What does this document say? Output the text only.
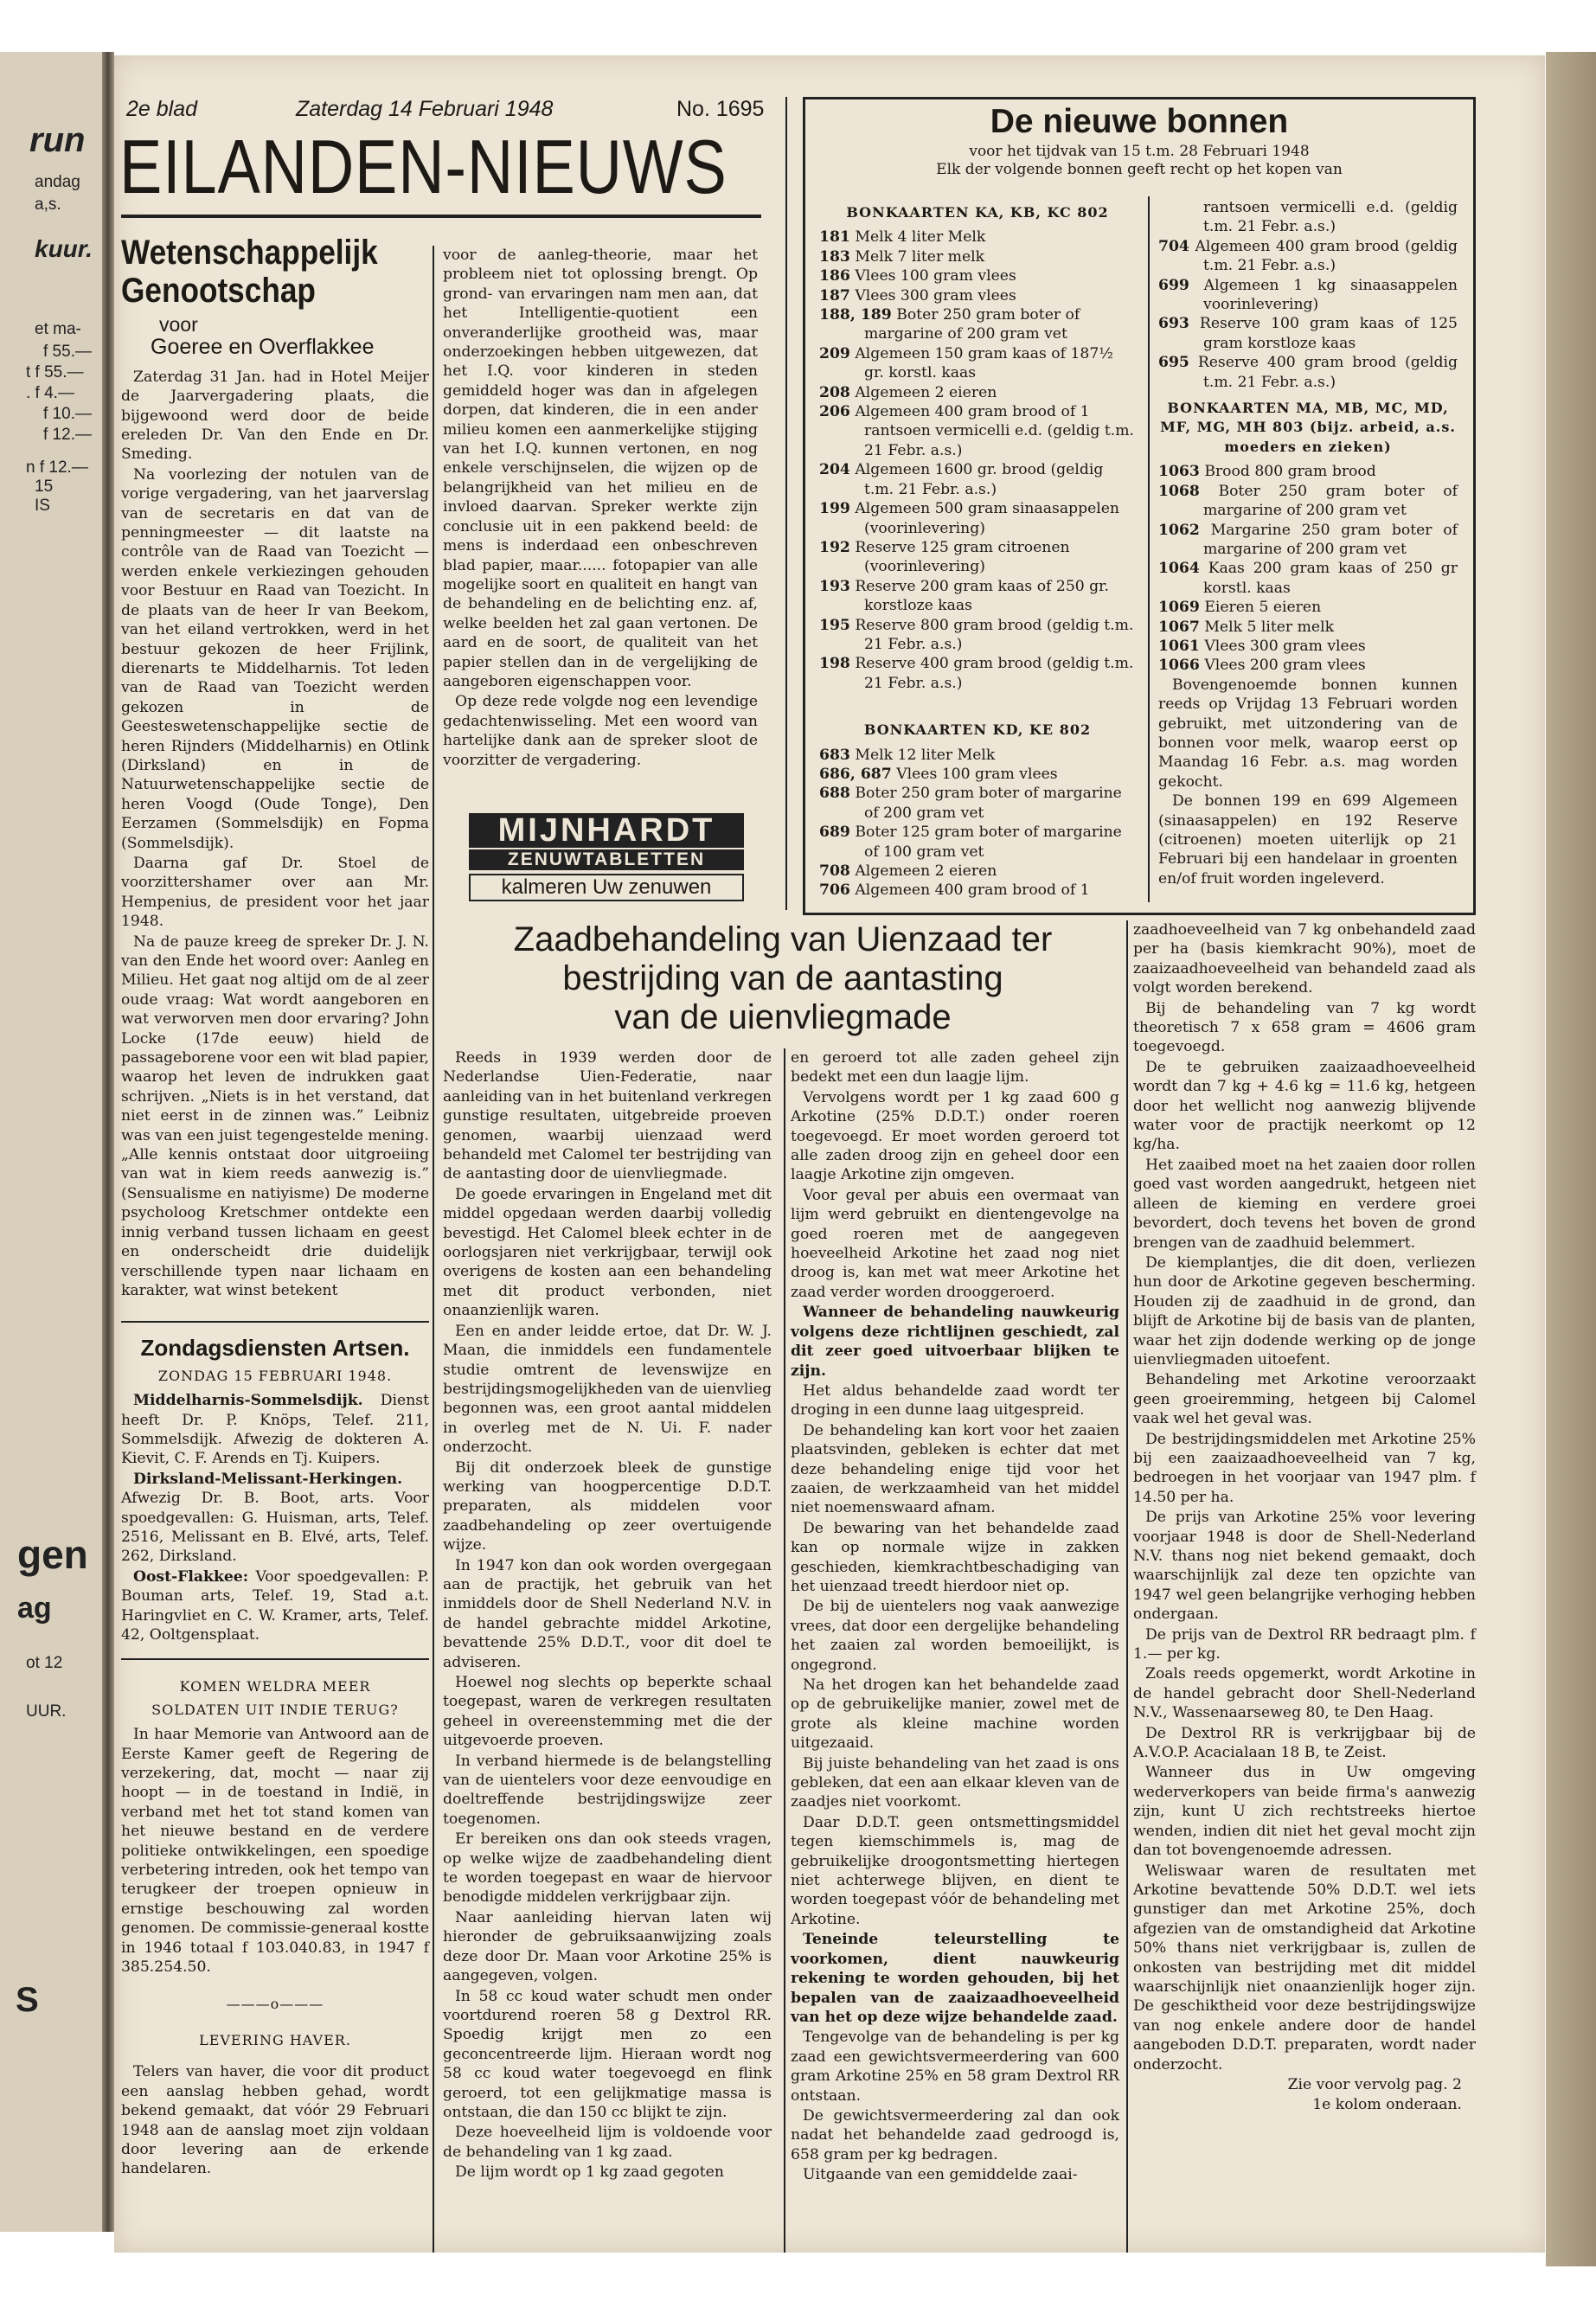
run
andag
a,s.
kuur.
et ma-
f 55.—
t f 55.—
. f 4.—
f 10.—
f 12.—
n f 12.—
15
IS
gen
ag
ot 12
UUR.
S
2e blad	Zaterdag 14 Februari 1948	No. 1695
EILANDEN-NIEUWS
Wetenschappelijk
Genootschap
voor
Goeree en Overflakkee

Zaterdag 31 Jan. had in Hotel Meijer de Jaarvergadering plaats, die bijgewoond werd door de beide ereleden Dr. Van den Ende en Dr. Smeding.

Na voorlezing der notulen van de vorige vergadering, van het jaarverslag van de secretaris en dat van de penningmeester — dit laatste na contrôle van de Raad van Toezicht — werden enkele verkiezingen gehouden voor Bestuur en Raad van Toezicht. In de plaats van de heer Ir van Beekom, van het eiland vertrokken, werd in het bestuur gekozen de heer Frijlink, dierenarts te Middelharnis. Tot leden van de Raad van Toezicht werden gekozen in de Geesteswetenschappelijke sectie de heren Rijnders (Middelharnis) en Otlink (Dirksland) en in de Natuurwetenschappelijke sectie de heren Voogd (Oude Tonge), Den Eerzamen (Sommelsdijk) en Fopma (Sommelsdijk).

Daarna gaf Dr. Stoel de voorzittershamer over aan Mr. Hempenius, de president voor het jaar 1948.

Na de pauze kreeg de spreker Dr. J. N. van den Ende het woord over: Aanleg en Milieu. Het gaat nog altijd om de al zeer oude vraag: Wat wordt aangeboren en wat verworven men door ervaring? John Locke (17de eeuw) hield de passageborene voor een wit blad papier, waarop het leven de indrukken gaat schrijven. „Niets is in het verstand, dat niet eerst in de zinnen was.” Leibniz was van een juist tegengestelde mening. „Alle kennis ontstaat door uitgroeiing van wat in kiem reeds aanwezig is.” (Sensualisme en natiyisme) De moderne psycholoog Kretschmer ontdekte een innig verband tussen lichaam en geest en onderscheidt drie duidelijk verschillende typen naar lichaam en karakter, wat winst betekent

Zondagsdiensten Artsen.

ZONDAG 15 FEBRUARI 1948.

Middelharnis-Sommelsdijk. Dienst heeft Dr. P. Knöps, Telef. 211, Sommelsdijk. Afwezig de dokteren A. Kievit, C. F. Arends en Tj. Kuipers.

Dirksland-Melissant-Herkingen. Afwezig Dr. B. Boot, arts. Voor spoedgevallen: G. Huisman, arts, Telef. 2516, Melissant en B. Elvé, arts, Telef. 262, Dirksland.

Oost-Flakkee: Voor spoedgevallen: P. Bouman arts, Telef. 19, Stad a.t. Haringvliet en C. W. Kramer, arts, Telef. 42, Ooltgensplaat.

KOMEN WELDRA MEER

SOLDATEN UIT INDIE TERUG?

In haar Memorie van Antwoord aan de Eerste Kamer geeft de Regering de verzekering, dat, mocht — naar zij hoopt — in de toestand in Indië, in verband met het tot stand komen van het nieuwe bestand en de verdere politieke ontwikkelingen, een spoedige verbetering intreden, ook het tempo van terugkeer der troepen opnieuw in ernstige beschouwing zal worden genomen. De commissie-generaal kostte in 1946 totaal f 103.040.83, in 1947 f 385.254.50.

———o———

LEVERING HAVER.

Telers van haver, die voor dit product een aanslag hebben gehad, wordt bekend gemaakt, dat vóór 29 Februari 1948 aan de aanslag moet zijn voldaan door levering aan de erkende handelaren.

voor de aanleg-theorie, maar het probleem niet tot oplossing brengt. Op grond- van ervaringen nam men aan, dat het Intelligentie-quotient een onveranderlijke grootheid was, maar onderzoekingen hebben uitgewezen, dat het I.Q. voor kinderen in steden gemiddeld hoger was dan in afgelegen dorpen, dat kinderen, die in een ander milieu komen een aanmerkelijke stijging van het I.Q. kunnen vertonen, en nog enkele verschijnselen, die wijzen op de belangrijkheid van het milieu en de invloed daarvan. Spreker werkte zijn conclusie uit in een pakkend beeld: de mens is inderdaad een onbeschreven blad papier, maar...... fotopapier van alle mogelijke soort en qualiteit en hangt van de behandeling en de belichting enz. af, welke beelden het zal gaan vertonen. De aard en de soort, de qualiteit van het papier stellen dan in de vergelijking de aangeboren eigenschappen voor.

Op deze rede volgde nog een levendige gedachtenwisseling. Met een woord van hartelijke dank aan de spreker sloot de voorzitter de vergadering.

MIJNHARDT
ZENUWTABLETTEN
kalmeren Uw zenuwen
De nieuwe bonnen
voor het tijdvak van 15 t.m. 28 Februari 1948
Elk der volgende bonnen geeft recht op het kopen van
BONKAARTEN KA, KB, KC 802
181 Melk 4 liter Melk
183 Melk 7 liter melk
186 Vlees 100 gram vlees
187 Vlees 300 gram vlees
188, 189 Boter 250 gram boter of margarine of 200 gram vet
209 Algemeen 150 gram kaas of 187½ gr. korstl. kaas
208 Algemeen 2 eieren
206 Algemeen 400 gram brood of 1 rantsoen vermicelli e.d. (geldig t.m. 21 Febr. a.s.)
204 Algemeen 1600 gr. brood (geldig t.m. 21 Febr. a.s.)
199 Algemeen 500 gram sinaasappelen (voorinlevering)
192 Reserve 125 gram citroenen (voorinlevering)
193 Reserve 200 gram kaas of 250 gr. korstloze kaas
195 Reserve 800 gram brood (geldig t.m. 21 Febr. a.s.)
198 Reserve 400 gram brood (geldig t.m. 21 Febr. a.s.)
BONKAARTEN KD, KE 802
683 Melk 12 liter Melk
686, 687 Vlees 100 gram vlees
688 Boter 250 gram boter of margarine of 200 gram vet
689 Boter 125 gram boter of margarine of 100 gram vet
708 Algemeen 2 eieren
706 Algemeen 400 gram brood of 1
rantsoen vermicelli e.d. (geldig t.m. 21 Febr. a.s.)
704 Algemeen 400 gram brood (geldig t.m. 21 Febr. a.s.)
699 Algemeen 1 kg sinaasappelen voorinlevering)
693 Reserve 100 gram kaas of 125 gram korstloze kaas
695 Reserve 400 gram brood (geldig t.m. 21 Febr. a.s.)
BONKAARTEN MA, MB, MC, MD, MF, MG, MH 803 (bijz. arbeid, a.s. moeders en zieken)
1063 Brood 800 gram brood
1068 Boter 250 gram boter of margarine of 200 gram vet
1062 Margarine 250 gram boter of margarine of 200 gram vet
1064 Kaas 200 gram kaas of 250 gr korstl. kaas
1069 Eieren 5 eieren
1067 Melk 5 liter melk
1061 Vlees 300 gram vlees
1066 Vlees 200 gram vlees
Bovengenoemde bonnen kunnen reeds op Vrijdag 13 Februari worden gebruikt, met uitzondering van de bonnen voor melk, waarop eerst op Maandag 16 Febr. a.s. mag worden gekocht.
De bonnen 199 en 699 Algemeen (sinaasappelen) en 192 Reserve (citroenen) moeten uiterlijk op 21 Februari bij een handelaar in groenten en/of fruit worden ingeleverd.
Zaadbehandeling van Uienzaad ter
bestrijding van de aantasting
van de uienvliegmade

Reeds in 1939 werden door de Nederlandse Uien-Federatie, naar aanleiding van in het buitenland verkregen gunstige resultaten, uitgebreide proeven genomen, waarbij uienzaad werd behandeld met Calomel ter bestrijding van de aantasting door de uienvliegmade.

De goede ervaringen in Engeland met dit middel opgedaan werden daarbij volledig bevestigd. Het Calomel bleek echter in de oorlogsjaren niet verkrijgbaar, terwijl ook overigens de kosten aan een behandeling met dit product verbonden, niet onaanzienlijk waren.

Een en ander leidde ertoe, dat Dr. W. J. Maan, die inmiddels een fundamentele studie omtrent de levenswijze en bestrijdingsmogelijkheden van de uienvlieg begonnen was, een groot aantal middelen in overleg met de N. Ui. F. nader onderzocht.

Bij dit onderzoek bleek de gunstige werking van hoogpercentige D.D.T. preparaten, als middelen voor zaadbehandeling op zeer overtuigende wijze.

In 1947 kon dan ook worden overgegaan aan de practijk, het gebruik van het inmiddels door de Shell Nederland N.V. in de handel gebrachte middel Arkotine, bevattende 25% D.D.T., voor dit doel te adviseren.

Hoewel nog slechts op beperkte schaal toegepast, waren de verkregen resultaten geheel in overeenstemming met die der uitgevoerde proeven.

In verband hiermede is de belangstelling van de uientelers voor deze eenvoudige en doeltreffende bestrijdingswijze zeer toegenomen.

Er bereiken ons dan ook steeds vragen, op welke wijze de zaadbehandeling dient te worden toegepast en waar de hiervoor benodigde middelen verkrijgbaar zijn.

Naar aanleiding hiervan laten wij hieronder de gebruiksaanwijzing zoals deze door Dr. Maan voor Arkotine 25% is aangegeven, volgen.

In 58 cc koud water schudt men onder voortdurend roeren 58 g Dextrol RR. Spoedig krijgt men zo een geconcentreerde lijm. Hieraan wordt nog 58 cc koud water toegevoegd en flink geroerd, tot een gelijkmatige massa is ontstaan, die dan 150 cc blijkt te zijn.

Deze hoeveelheid lijm is voldoende voor de behandeling van 1 kg zaad.

De lijm wordt op 1 kg zaad gegoten

en geroerd tot alle zaden geheel zijn bedekt met een dun laagje lijm.

Vervolgens wordt per 1 kg zaad 600 g Arkotine (25% D.D.T.) onder roeren toegevoegd. Er moet worden geroerd tot alle zaden droog zijn en geheel door een laagje Arkotine zijn omgeven.

Voor geval per abuis een overmaat van lijm werd gebruikt en dientengevolge na goed roeren met de aangegeven hoeveelheid Arkotine het zaad nog niet droog is, kan met wat meer Arkotine het zaad verder worden drooggeroerd.

Wanneer de behandeling nauwkeurig volgens deze richtlijnen geschiedt, zal dit zeer goed uitvoerbaar blijken te zijn.

Het aldus behandelde zaad wordt ter droging in een dunne laag uitgespreid.

De behandeling kan kort voor het zaaien plaatsvinden, gebleken is echter dat met deze behandeling enige tijd voor het zaaien, de werkzaamheid van het middel niet noemenswaard afnam.

De bewaring van het behandelde zaad kan op normale wijze in zakken geschieden, kiemkrachtbeschadiging van het uienzaad treedt hierdoor niet op.

De bij de uientelers nog vaak aanwezige vrees, dat door een dergelijke behandeling het zaaien zal worden bemoeilijkt, is ongegrond.

Na het drogen kan het behandelde zaad op de gebruikelijke manier, zowel met de grote als kleine machine worden uitgezaaid.

Bij juiste behandeling van het zaad is ons gebleken, dat een aan elkaar kleven van de zaadjes niet voorkomt.

Daar D.D.T. geen ontsmettingsmiddel tegen kiemschimmels is, mag de gebruikelijke droogontsmetting hiertegen niet achterwege blijven, en dient te worden toegepast vóór de behandeling met Arkotine.

Teneinde teleurstelling te voorkomen, dient nauwkeurig rekening te worden gehouden, bij het bepalen van de zaaizaadhoeveelheid van het op deze wijze behandelde zaad.

Tengevolge van de behandeling is per kg zaad een gewichtsvermeerdering van 600 gram Arkotine 25% en 58 gram Dextrol RR ontstaan.

De gewichtsvermeerdering zal dan ook nadat het behandelde zaad gedroogd is, 658 gram per kg bedragen.

Uitgaande van een gemiddelde zaai-

zaadhoeveelheid van 7 kg onbehandeld zaad per ha (basis kiemkracht 90%), moet de zaaizaadhoeveelheid van behandeld zaad als volgt worden berekend.

Bij de behandeling van 7 kg wordt theoretisch 7 x 658 gram = 4606 gram toegevoegd.

De te gebruiken zaaizaadhoeveelheid wordt dan 7 kg + 4.6 kg = 11.6 kg, hetgeen door het wellicht nog aanwezig blijvende water voor de practijk neerkomt op 12 kg/ha.

Het zaaibed moet na het zaaien door rollen goed vast worden aangedrukt, hetgeen niet alleen de kieming en verdere groei bevordert, doch tevens het boven de grond brengen van de zaadhuid belemmert.

De kiemplantjes, die dit doen, verliezen hun door de Arkotine gegeven bescherming. Houden zij de zaadhuid in de grond, dan blijft de Arkotine bij de basis van de planten, waar het zijn dodende werking op de jonge uienvliegmaden uitoefent.

Behandeling met Arkotine veroorzaakt geen groeiremming, hetgeen bij Calomel vaak wel het geval was.

De bestrijdingsmiddelen met Arkotine 25% bij een zaaizaadhoeveelheid van 7 kg, bedroegen in het voorjaar van 1947 plm. f 14.50 per ha.

De prijs van Arkotine 25% voor levering voorjaar 1948 is door de Shell-Nederland N.V. thans nog niet bekend gemaakt, doch waarschijnlijk zal deze ten opzichte van 1947 wel geen belangrijke verhoging hebben ondergaan.

De prijs van de Dextrol RR bedraagt plm. f 1.— per kg.

Zoals reeds opgemerkt, wordt Arkotine in de handel gebracht door Shell-Nederland N.V., Wassenaarseweg 80, te Den Haag.

De Dextrol RR is verkrijgbaar bij de A.V.O.P. Acacialaan 18 B, te Zeist.

Wanneer dus in Uw omgeving wederverkopers van beide firma's aanwezig zijn, kunt U zich rechtstreeks hiertoe wenden, indien dit niet het geval mocht zijn dan tot bovengenoemde adressen.

Weliswaar waren de resultaten met Arkotine bevattende 50% D.D.T. wel iets gunstiger dan met Arkotine 25%, doch afgezien van de omstandigheid dat Arkotine 50% thans niet verkrijgbaar is, zullen de onkosten van bestrijding met dit middel waarschijnlijk niet onaanzienlijk hoger zijn. De geschiktheid voor deze bestrijdingswijze van nog enkele andere door de handel aangeboden D.D.T. preparaten, wordt nader onderzocht.

Zie voor vervolg pag. 2

1e kolom onderaan.
